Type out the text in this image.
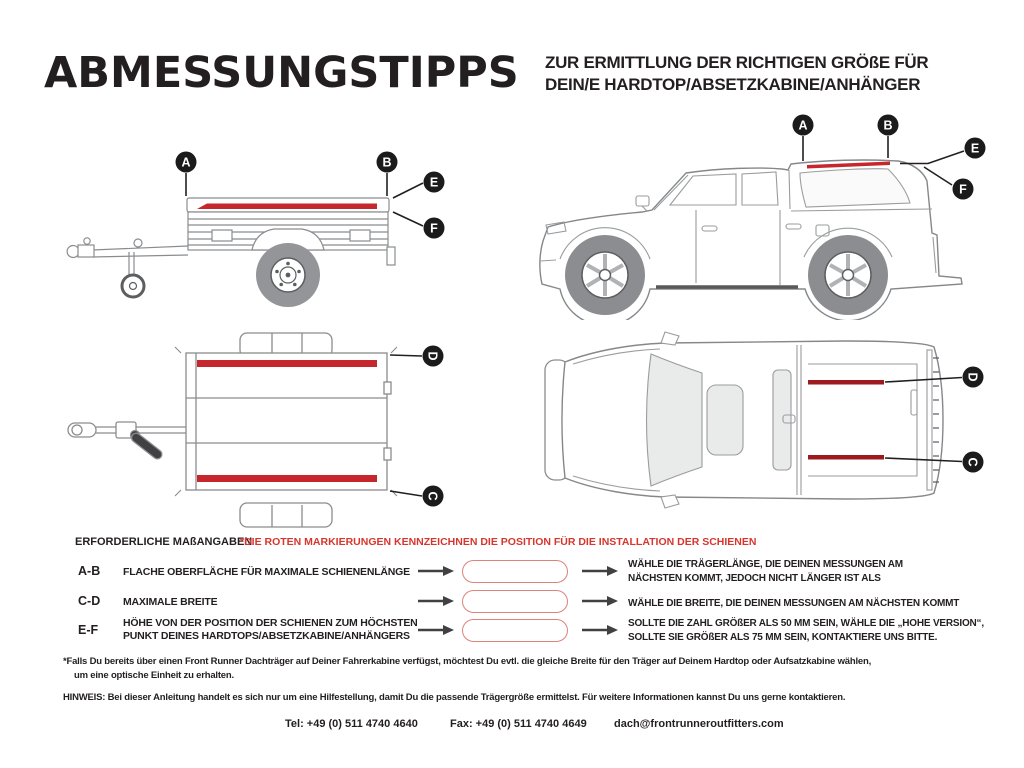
ABMESSUNGSTIPPS ZUR ERMITTLUNG DER RICHTIGEN GRÖßE FÜR
DEIN/E HARDTOP/ABSETZKABINE/ANHÄNGER
A	B
E
F
A	B
E
F
D
C
D
C
ERFORDERLICHE MAßANGABEN
*DIE ROTEN MARKIERUNGEN KENNZEICHNEN DIE POSITION FÜR DIE INSTALLATION DER SCHIENEN
A-B FLACHE OBERFLÄCHE FÜR MAXIMALE SCHIENENLÄNGE
WÄHLE DIE TRÄGERLÄNGE, DIE DEINEN MESSUNGEN AM
NÄCHSTEN KOMMT, JEDOCH NICHT LÄNGER IST ALS
C-D MAXIMALE BREITE	WÄHLE DIE BREITE, DIE DEINEN MESSUNGEN AM NÄCHSTEN KOMMT
E-F HÖHE VON DER POSITION DER SCHIENEN ZUM HÖCHSTEN
PUNKT DEINES HARDTOPS/ABSETZKABINE/ANHÄNGERS
SOLLTE DIE ZAHL GRÖßER ALS 50 MM SEIN, WÄHLE DIE „HOHE VERSION“,
SOLLTE SIE GRÖßER ALS 75 MM SEIN, KONTAKTIERE UNS BITTE.
*Falls Du bereits über einen Front Runner Dachträger auf Deiner Fahrerkabine verfügst, möchtest Du evtl. die gleiche Breite für den Träger auf Deinem Hardtop oder Aufsatzkabine wählen,
um eine optische Einheit zu erhalten.
HINWEIS: Bei dieser Anleitung handelt es sich nur um eine Hilfestellung, damit Du die passende Trägergröße ermittelst. Für weitere Informationen kannst Du uns gerne kontaktieren.
Tel: +49 (0) 511 4740 4640	Fax: +49 (0) 511 4740 4649 dach@frontrunneroutfitters.com
